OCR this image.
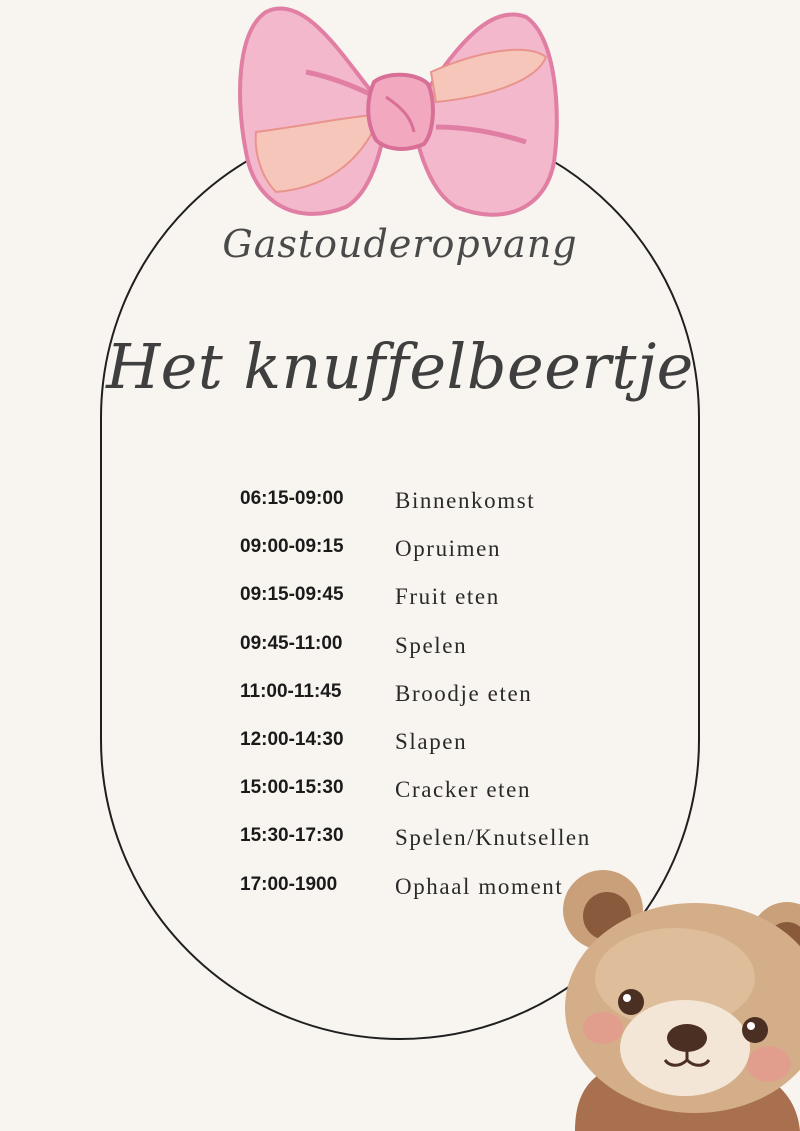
Gastouderopvang
Het knuffelbeertje
06:15-09:00 Binnenkomst
09:00-09:15 Opruimen
09:15-09:45 Fruit eten
09:45-11:00 Spelen
11:00-11:45 Broodje eten
12:00-14:30 Slapen
15:00-15:30 Cracker eten
15:30-17:30 Spelen/Knutsellen
17:00-1900	Ophaal moment
